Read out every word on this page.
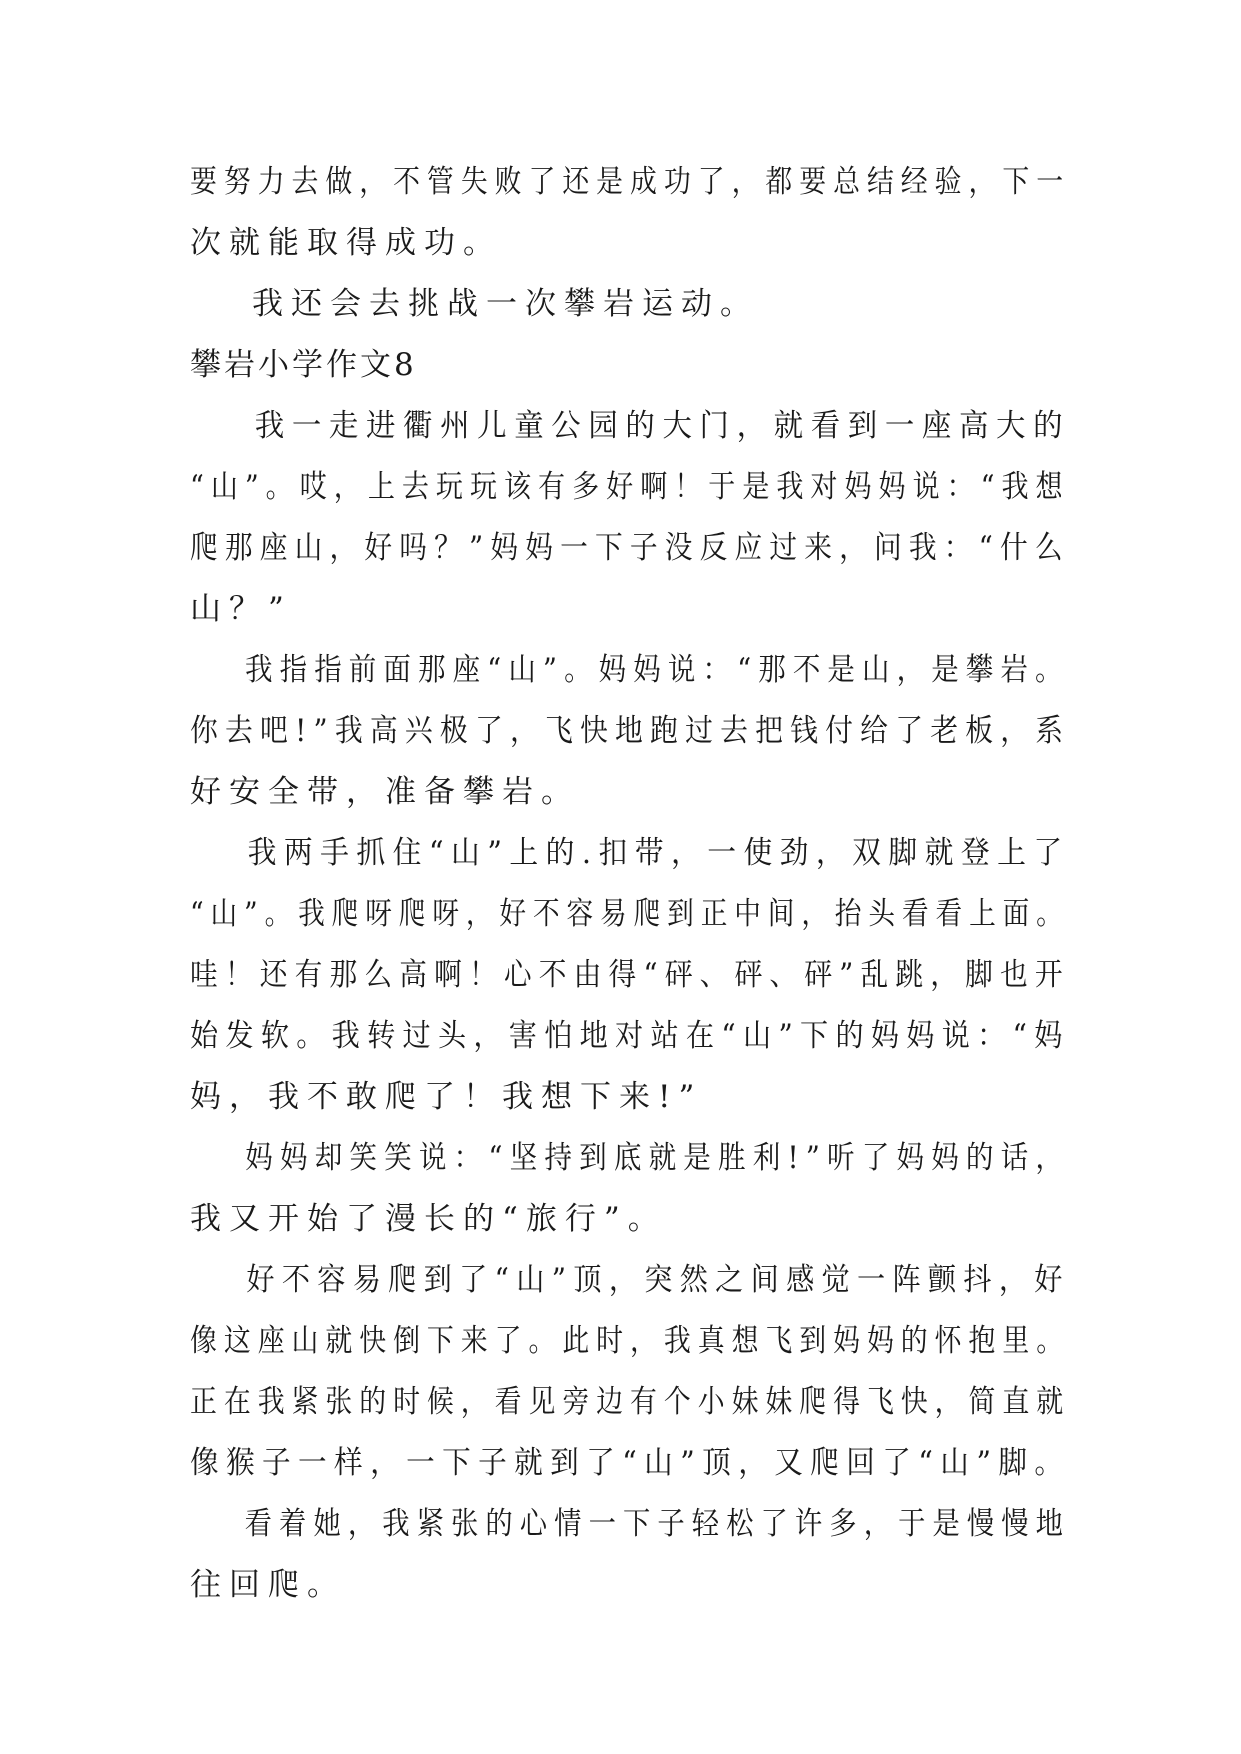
要努力去做，不管失败了还是成功了，都要总结经验，下一
次就能取得成功。
我还会去挑战一次攀岩运动。
攀岩小学作文8
我一走进衢州儿童公园的大门，就看到一座高大的
“山”。哎，上去玩玩该有多好啊！于是我对妈妈说：“我想
爬那座山，好吗？”妈妈一下子没反应过来，问我：“什么
山？”
我指指前面那座“山”。妈妈说：“那不是山，是攀岩。
你去吧!”我高兴极了，飞快地跑过去把钱付给了老板，系
好安全带，准备攀岩。
我两手抓住“山”上的.扣带，一使劲，双脚就登上了
“山”。我爬呀爬呀，好不容易爬到正中间，抬头看看上面。
哇！还有那么高啊！心不由得“砰、砰、砰”乱跳，脚也开
始发软。我转过头，害怕地对站在“山”下的妈妈说：“妈
妈，我不敢爬了！我想下来!”
妈妈却笑笑说：“坚持到底就是胜利!”听了妈妈的话，
我又开始了漫长的“旅行”。
好不容易爬到了“山”顶，突然之间感觉一阵颤抖，好
像这座山就快倒下来了。此时，我真想飞到妈妈的怀抱里。
正在我紧张的时候，看见旁边有个小妹妹爬得飞快，简直就
像猴子一样，一下子就到了“山”顶，又爬回了“山”脚。
看着她，我紧张的心情一下子轻松了许多，于是慢慢地
往回爬。
